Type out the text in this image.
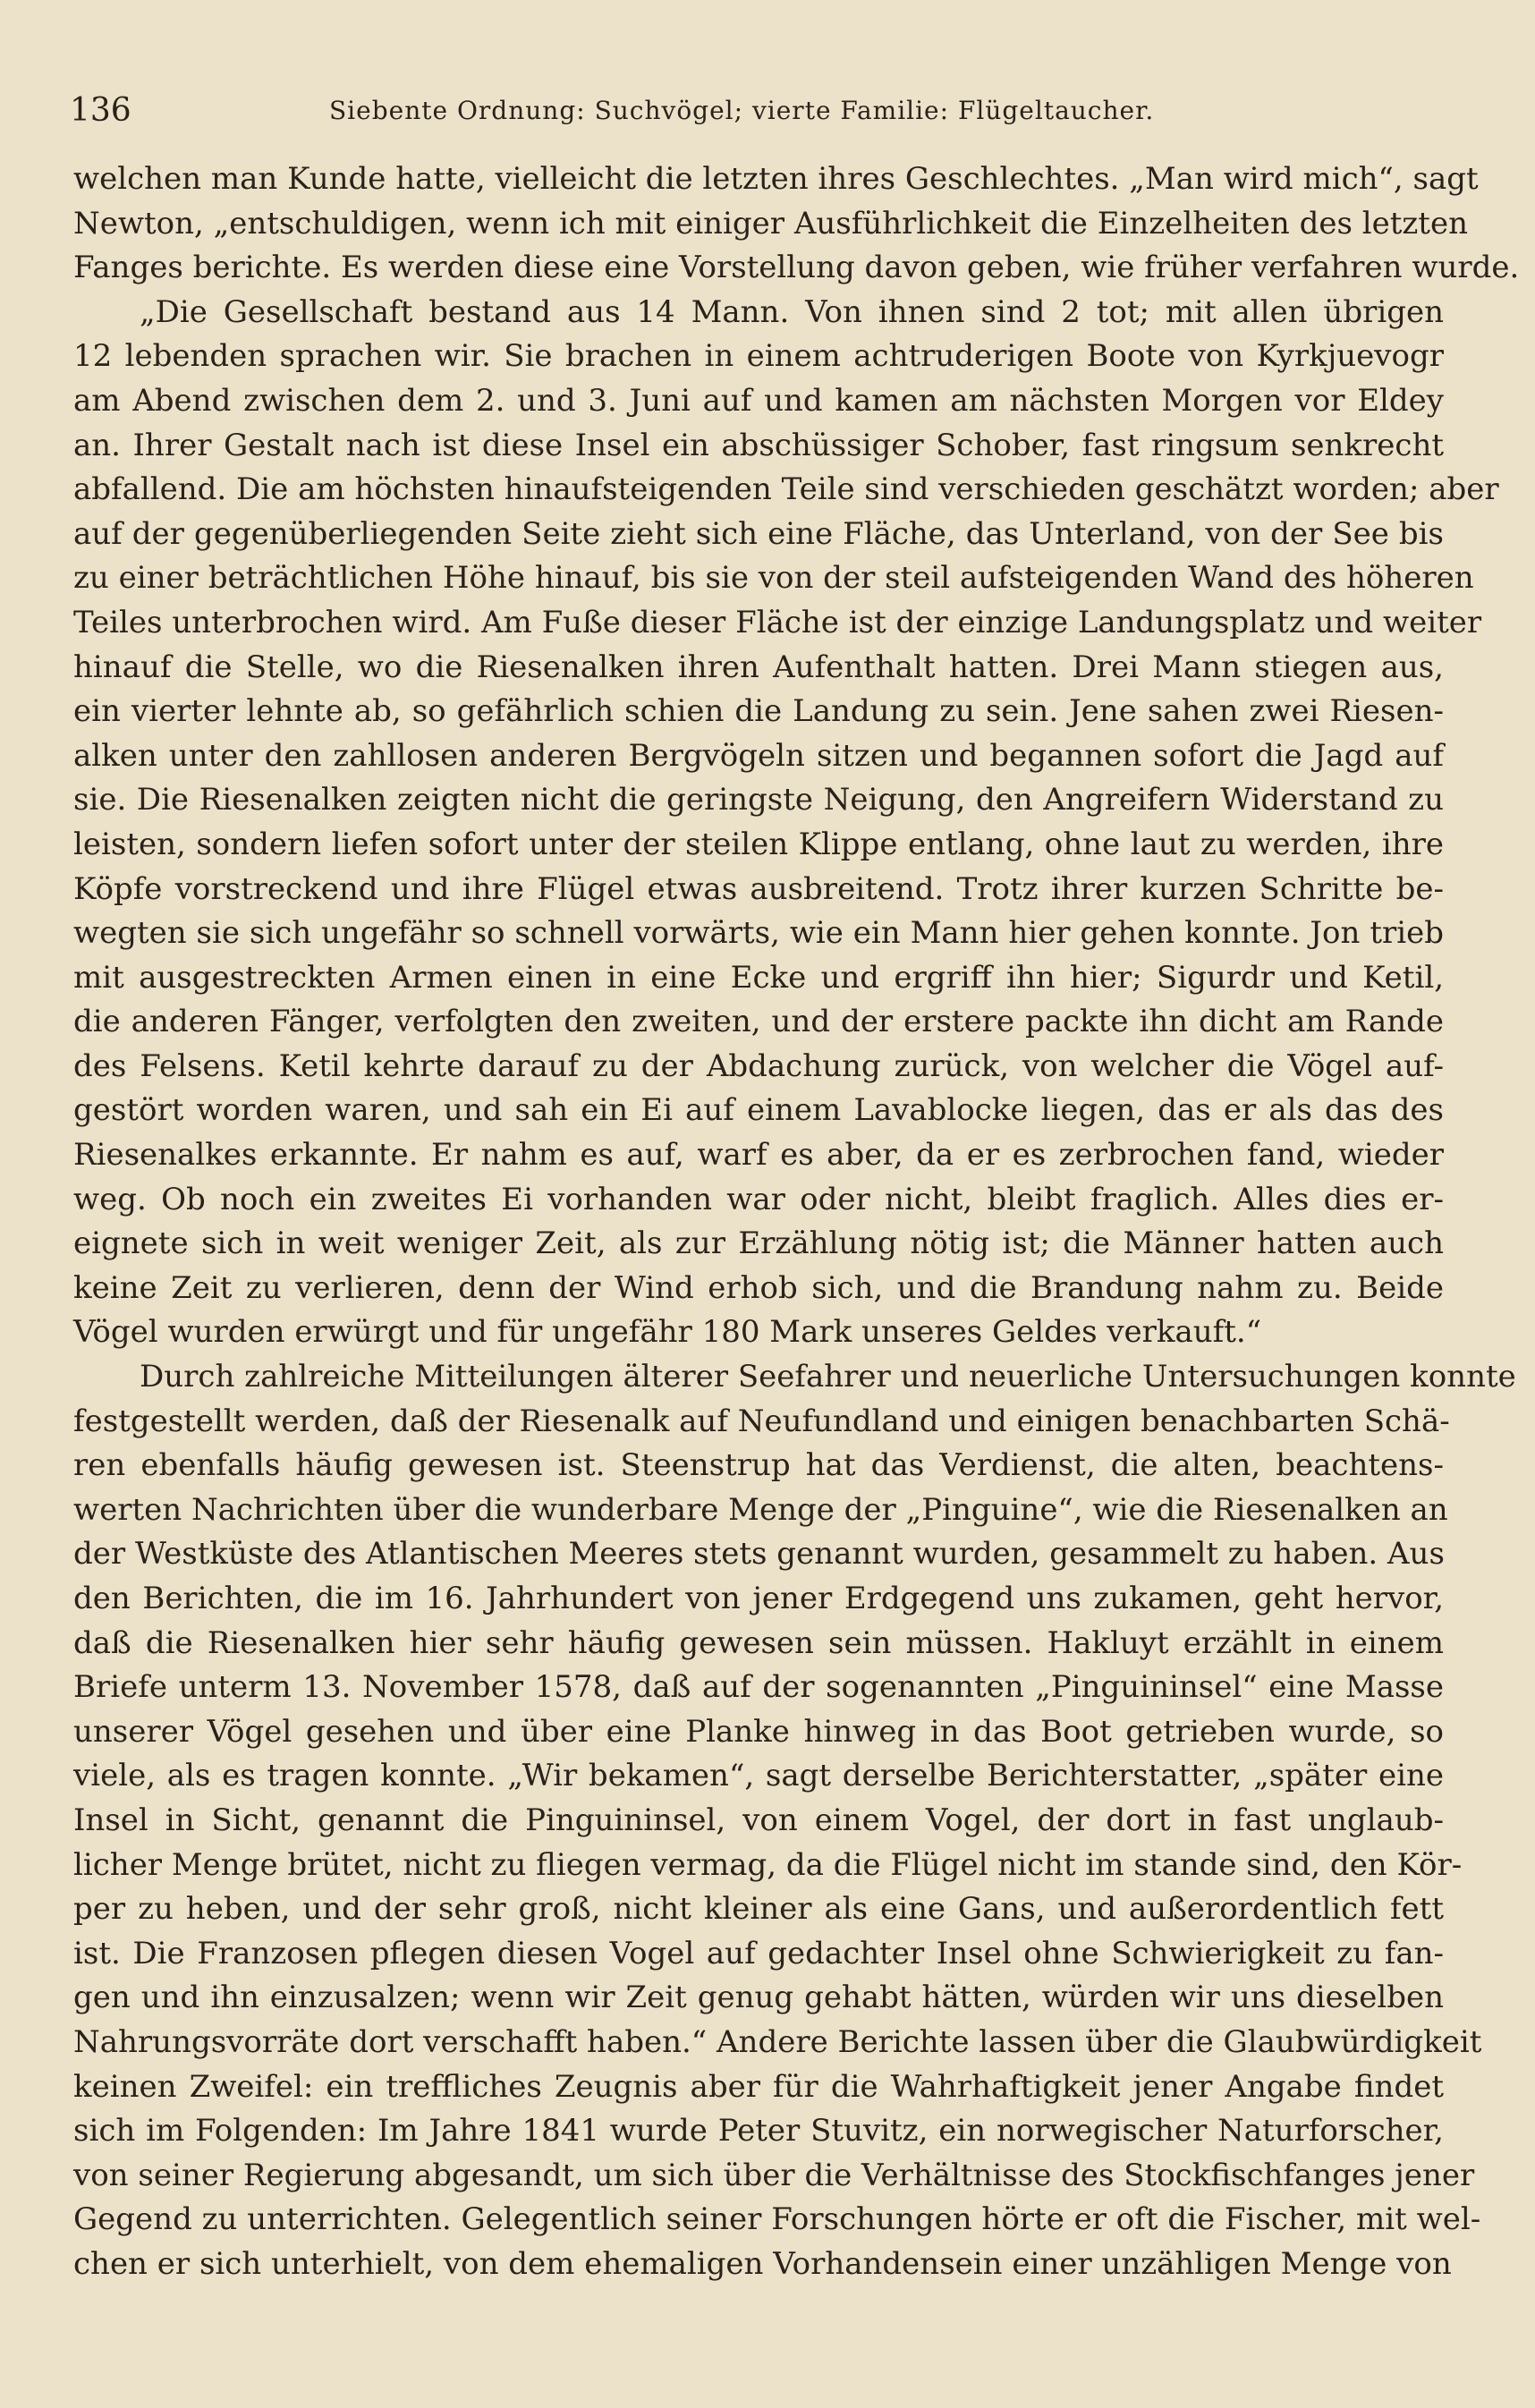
136	Siebente Ordnung: Suchvögel; vierte Familie: Flügeltaucher.
welchen man Kunde hatte, vielleicht die letzten ihres Geschlechtes. „Man wird mich“, sagt
Newton, „entschuldigen, wenn ich mit einiger Ausführlichkeit die Einzelheiten des letzten
Fanges berichte. Es werden diese eine Vorstellung davon geben, wie früher verfahren wurde.
„Die Gesellschaft bestand aus 14 Mann. Von ihnen sind 2 tot; mit allen übrigen
12 lebenden sprachen wir. Sie brachen in einem achtruderigen Boote von Kyrkjuevogr
am Abend zwischen dem 2. und 3. Juni auf und kamen am nächsten Morgen vor Eldey
an. Ihrer Gestalt nach ist diese Insel ein abschüssiger Schober, fast ringsum senkrecht
abfallend. Die am höchsten hinaufsteigenden Teile sind verschieden geschätzt worden; aber
auf der gegenüberliegenden Seite zieht sich eine Fläche, das Unterland, von der See bis
zu einer beträchtlichen Höhe hinauf, bis sie von der steil aufsteigenden Wand des höheren
Teiles unterbrochen wird. Am Fuße dieser Fläche ist der einzige Landungsplatz und weiter
hinauf die Stelle, wo die Riesenalken ihren Aufenthalt hatten. Drei Mann stiegen aus,
ein vierter lehnte ab, so gefährlich schien die Landung zu sein. Jene sahen zwei Riesen-
alken unter den zahllosen anderen Bergvögeln sitzen und begannen sofort die Jagd auf
sie. Die Riesenalken zeigten nicht die geringste Neigung, den Angreifern Widerstand zu
leisten, sondern liefen sofort unter der steilen Klippe entlang, ohne laut zu werden, ihre
Köpfe vorstreckend und ihre Flügel etwas ausbreitend. Trotz ihrer kurzen Schritte be-
wegten sie sich ungefähr so schnell vorwärts, wie ein Mann hier gehen konnte. Jon trieb
mit ausgestreckten Armen einen in eine Ecke und ergriff ihn hier; Sigurdr und Ketil,
die anderen Fänger, verfolgten den zweiten, und der erstere packte ihn dicht am Rande
des Felsens. Ketil kehrte darauf zu der Abdachung zurück, von welcher die Vögel auf-
gestört worden waren, und sah ein Ei auf einem Lavablocke liegen, das er als das des
Riesenalkes erkannte. Er nahm es auf, warf es aber, da er es zerbrochen fand, wieder
weg. Ob noch ein zweites Ei vorhanden war oder nicht, bleibt fraglich. Alles dies er-
eignete sich in weit weniger Zeit, als zur Erzählung nötig ist; die Männer hatten auch
keine Zeit zu verlieren, denn der Wind erhob sich, und die Brandung nahm zu. Beide
Vögel wurden erwürgt und für ungefähr 180 Mark unseres Geldes verkauft.“
Durch zahlreiche Mitteilungen älterer Seefahrer und neuerliche Untersuchungen konnte
festgestellt werden, daß der Riesenalk auf Neufundland und einigen benachbarten Schä-
ren ebenfalls häufig gewesen ist. Steenstrup hat das Verdienst, die alten, beachtens-
werten Nachrichten über die wunderbare Menge der „Pinguine“, wie die Riesenalken an
der Westküste des Atlantischen Meeres stets genannt wurden, gesammelt zu haben. Aus
den Berichten, die im 16. Jahrhundert von jener Erdgegend uns zukamen, geht hervor,
daß die Riesenalken hier sehr häufig gewesen sein müssen. Hakluyt erzählt in einem
Briefe unterm 13. November 1578, daß auf der sogenannten „Pinguininsel“ eine Masse
unserer Vögel gesehen und über eine Planke hinweg in das Boot getrieben wurde, so
viele, als es tragen konnte. „Wir bekamen“, sagt derselbe Berichterstatter, „später eine
Insel in Sicht, genannt die Pinguininsel, von einem Vogel, der dort in fast unglaub-
licher Menge brütet, nicht zu fliegen vermag, da die Flügel nicht im stande sind, den Kör-
per zu heben, und der sehr groß, nicht kleiner als eine Gans, und außerordentlich fett
ist. Die Franzosen pflegen diesen Vogel auf gedachter Insel ohne Schwierigkeit zu fan-
gen und ihn einzusalzen; wenn wir Zeit genug gehabt hätten, würden wir uns dieselben
Nahrungsvorräte dort verschafft haben.“ Andere Berichte lassen über die Glaubwürdigkeit
keinen Zweifel: ein treffliches Zeugnis aber für die Wahrhaftigkeit jener Angabe findet
sich im Folgenden: Im Jahre 1841 wurde Peter Stuvitz, ein norwegischer Naturforscher,
von seiner Regierung abgesandt, um sich über die Verhältnisse des Stockfischfanges jener
Gegend zu unterrichten. Gelegentlich seiner Forschungen hörte er oft die Fischer, mit wel-
chen er sich unterhielt, von dem ehemaligen Vorhandensein einer unzähligen Menge von
